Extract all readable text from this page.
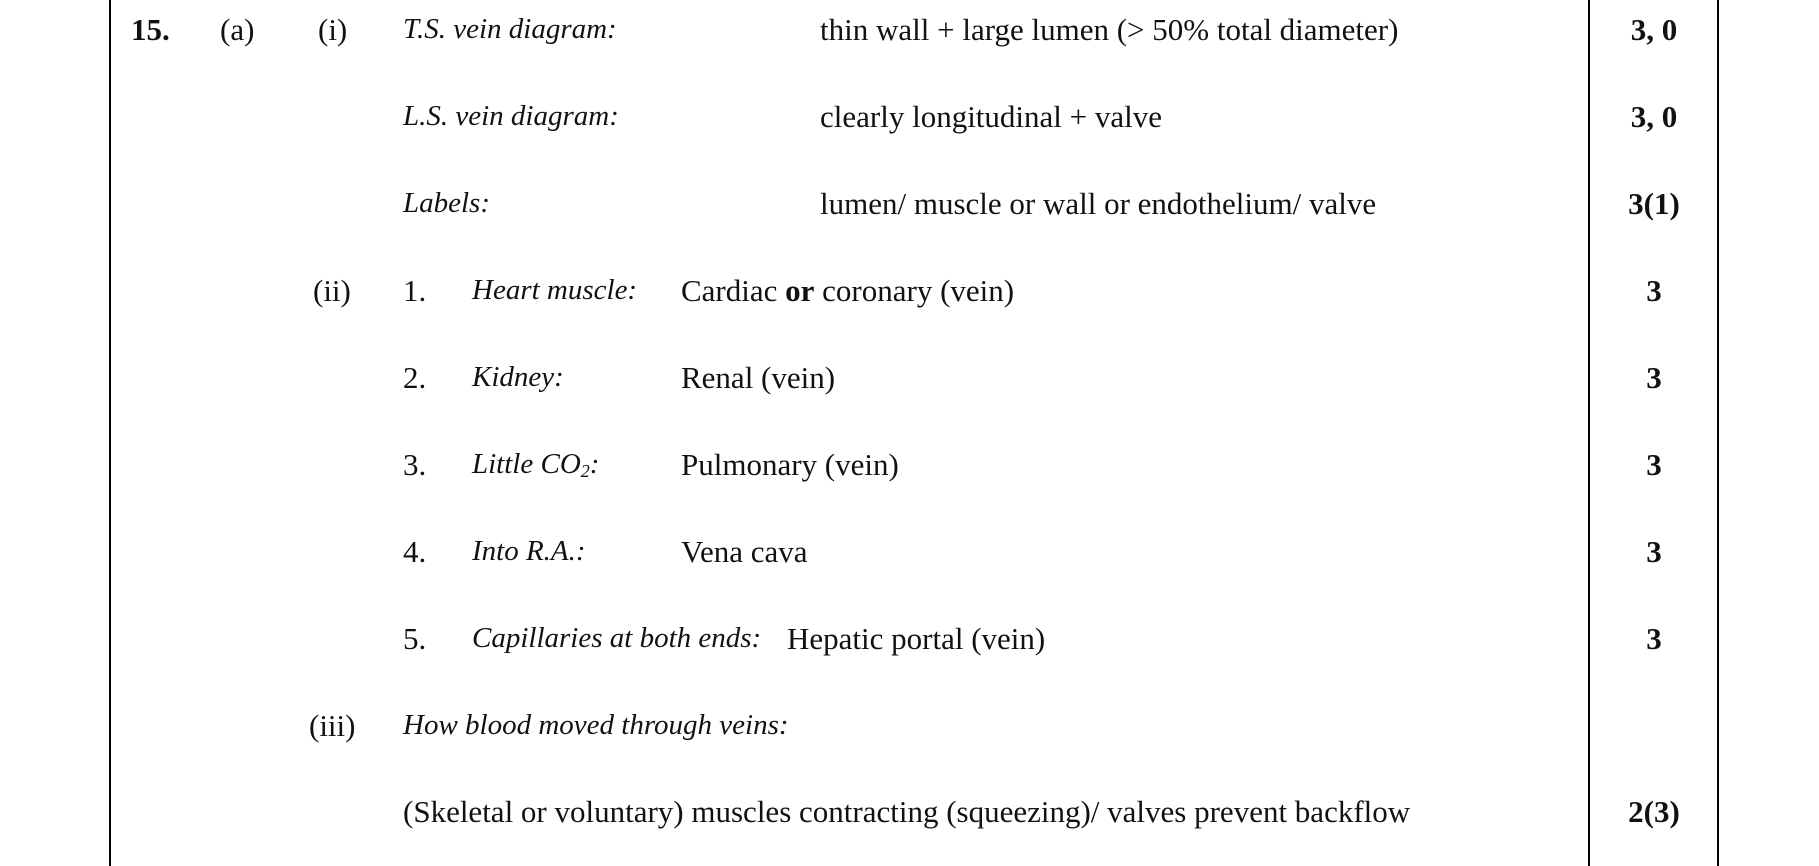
15. (a) (i) T.S. vein diagram:	thin wall + large lumen (> 50% total diameter)	3, 0
L.S. vein diagram:	clearly longitudinal + valve	3, 0
Labels:	lumen/ muscle or wall or endothelium/ valve	3(1)
(ii) 1. Heart muscle: Cardiac or coronary (vein)	3
2. Kidney:	Renal (vein)	3
3. Little $CO_2$:	Pulmonary (vein)	3
4. Into R.A.:	Vena cava	3
5. Capillaries at both ends: Hepatic portal (vein)	3
(iii) How blood moved through veins:
(Skeletal or voluntary) muscles contracting (squeezing)/ valves prevent backflow	2(3)
